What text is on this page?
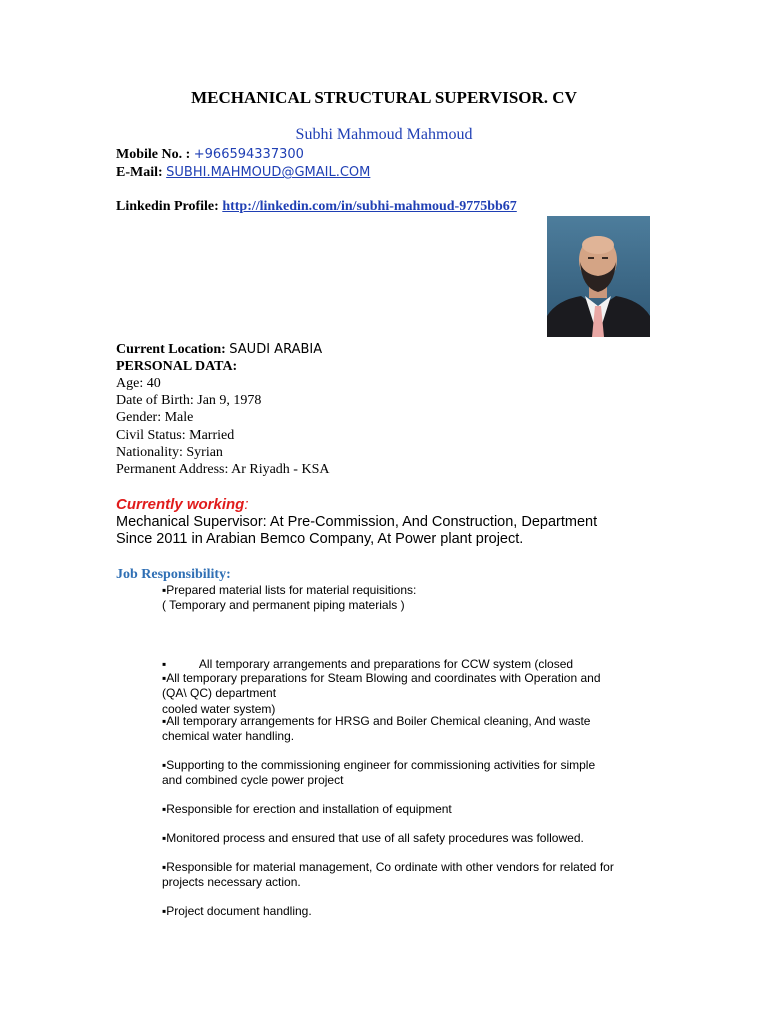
MECHANICAL STRUCTURAL SUPERVISOR. CV
Subhi Mahmoud Mahmoud
Mobile No. : +966594337300
E-Mail: SUBHI.MAHMOUD@GMAIL.COM
Linkedin Profile: http://linkedin.com/in/subhi-mahmoud-9775bb67
Current Location: SAUDI ARABIA
PERSONAL DATA:
Age: 40
Date of Birth: Jan 9, 1978
Gender: Male
Civil Status: Married
Nationality: Syrian
Permanent Address: Ar Riyadh - KSA
Currently working:
Mechanical Supervisor: At Pre-Commission, And Construction, Department
Since 2011 in Arabian Bemco Company, At Power plant project.
Job Responsibility:
▪Prepared material lists for material requisitions:
( Temporary and permanent piping materials )

▪          All temporary arrangements and preparations for CCW system (closed

cooled water system)

▪All temporary preparations for Steam Blowing and coordinates with Operation and
(QA\ QC) department
▪All temporary arrangements for HRSG and Boiler Chemical cleaning, And waste
chemical water handling.
▪Supporting to the commissioning engineer for commissioning activities for simple
and combined cycle power project
▪Responsible for erection and installation of equipment
▪Monitored process and ensured that use of all safety procedures was followed.
▪Responsible for material management, Co ordinate with other vendors for related for
projects necessary action.
▪Project document handling.
